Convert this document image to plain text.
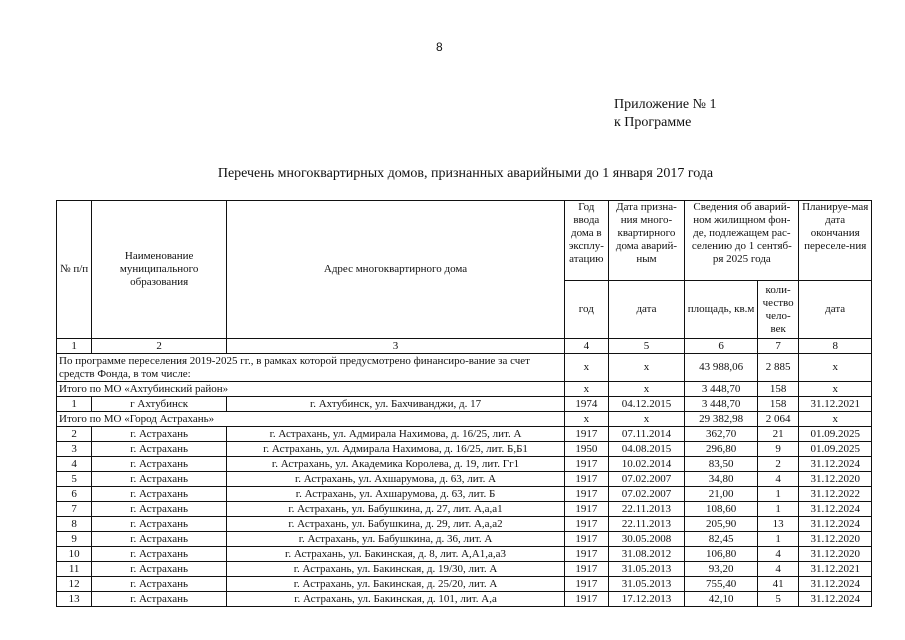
8
Приложение № 1
к Программе
Перечень многоквартирных домов, признанных аварийными до 1 января 2017 года
№ п/п	Наименование муниципального образования	Адрес многоквартирного дома	Год ввода дома в эксплу-атацию	Дата призна-ния много-квартирного дома аварий-ным	Сведения об аварий-ном жилищном фон-де, подлежащем рас-селению до 1 сентяб-ря 2025 года		Планируе-мая дата окончания переселе-ния
			год	дата	площадь, кв.м	коли-чество чело-век	дата
1	2	3	4	5	6	7	8
По программе переселения 2019-2025 гг., в рамках которой предусмотрено финансиро-вание за счет средств Фонда, в том числе:			х	х	43 988,06	2 885	х
Итого по МО «Ахтубинский район»			х	х	3 448,70	158	х
1	г Ахтубинск	г. Ахтубинск, ул. Бахчиванджи, д. 17	1974	04.12.2015	3 448,70	158	31.12.2021
Итого по МО «Город Астрахань»			х	х	29 382,98	2 064	х
2	г. Астрахань	г. Астрахань, ул. Адмирала Нахимова, д. 16/25, лит. А	1917	07.11.2014	362,70	21	01.09.2025
3	г. Астрахань	г. Астрахань, ул. Адмирала Нахимова, д. 16/25, лит. Б,Б1	1950	04.08.2015	296,80	9	01.09.2025
4	г. Астрахань	г. Астрахань, ул. Академика Королева, д. 19, лит. Гг1	1917	10.02.2014	83,50	2	31.12.2024
5	г. Астрахань	г. Астрахань, ул. Ахшарумова, д. 63, лит. А	1917	07.02.2007	34,80	4	31.12.2020
6	г. Астрахань	г. Астрахань, ул. Ахшарумова, д. 63, лит. Б	1917	07.02.2007	21,00	1	31.12.2022
7	г. Астрахань	г. Астрахань, ул. Бабушкина, д. 27, лит. А,а,а1	1917	22.11.2013	108,60	1	31.12.2024
8	г. Астрахань	г. Астрахань, ул. Бабушкина, д. 29, лит. А,а,а2	1917	22.11.2013	205,90	13	31.12.2024
9	г. Астрахань	г. Астрахань, ул. Бабушкина, д. 36, лит. А	1917	30.05.2008	82,45	1	31.12.2020
10	г. Астрахань	г. Астрахань, ул. Бакинская, д. 8, лит. А,А1,а,а3	1917	31.08.2012	106,80	4	31.12.2020
11	г. Астрахань	г. Астрахань, ул. Бакинская, д. 19/30, лит. А	1917	31.05.2013	93,20	4	31.12.2021
12	г. Астрахань	г. Астрахань, ул. Бакинская, д. 25/20, лит. А	1917	31.05.2013	755,40	41	31.12.2024
13	г. Астрахань	г. Астрахань, ул. Бакинская, д. 101, лит. А,а	1917	17.12.2013	42,10	5	31.12.2024
